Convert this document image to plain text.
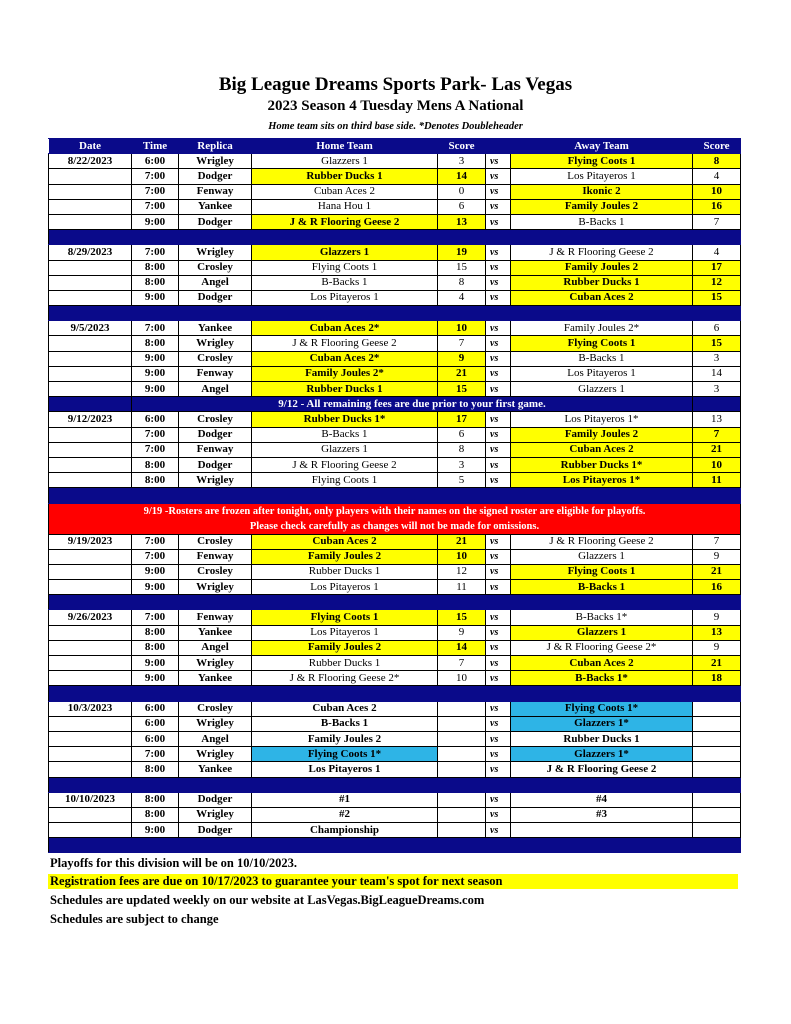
Big League Dreams Sports Park- Las Vegas
2023 Season 4 Tuesday Mens A National
Home team sits on third base side. *Denotes Doubleheader
Date	Time	Replica	Home Team	Score		Away Team	Score
8/22/2023	6:00	Wrigley	Glazzers 1	3	vs	Flying Coots 1	8
	7:00	Dodger	Rubber Ducks 1	14	vs	Los Pitayeros 1	4
	7:00	Fenway	Cuban Aces 2	0	vs	Ikonic 2	10
	7:00	Yankee	Hana Hou 1	6	vs	Family Joules 2	16
	9:00	Dodger	J & R Flooring Geese 2	13	vs	B-Backs 1	7

8/29/2023	7:00	Wrigley	Glazzers 1	19	vs	J & R Flooring Geese 2	4
	8:00	Crosley	Flying Coots 1	15	vs	Family Joules 2	17
	8:00	Angel	B-Backs 1	8	vs	Rubber Ducks 1	12
	9:00	Dodger	Los Pitayeros 1	4	vs	Cuban Aces 2	15

9/5/2023	7:00	Yankee	Cuban Aces 2*	10	vs	Family Joules 2*	6
	8:00	Wrigley	J & R Flooring Geese 2	7	vs	Flying Coots 1	15
	9:00	Crosley	Cuban Aces 2*	9	vs	B-Backs 1	3
	9:00	Fenway	Family Joules 2*	21	vs	Los Pitayeros 1	14
	9:00	Angel	Rubber Ducks 1	15	vs	Glazzers 1	3
	9/12 - All remaining fees are due prior to your first game.						
9/12/2023	6:00	Crosley	Rubber Ducks 1*	17	vs	Los Pitayeros 1*	13
	7:00	Dodger	B-Backs 1	6	vs	Family Joules 2	7
	7:00	Fenway	Glazzers 1	8	vs	Cuban Aces 2	21
	8:00	Dodger	J & R Flooring Geese 2	3	vs	Rubber Ducks 1*	10
	8:00	Wrigley	Flying Coots 1	5	vs	Los Pitayeros 1*	11

9/19 -Rosters are frozen after tonight, only players with their names on the signed roster are eligible for playoffs.
Please check carefully as changes will not be made for omissions.							

9/19/2023	7:00	Crosley	Cuban Aces 2	21	vs	J & R Flooring Geese 2	7
	7:00	Fenway	Family Joules 2	10	vs	Glazzers 1	9
	9:00	Crosley	Rubber Ducks 1	12	vs	Flying Coots 1	21
	9:00	Wrigley	Los Pitayeros 1	11	vs	B-Backs 1	16

9/26/2023	7:00	Fenway	Flying Coots 1	15	vs	B-Backs 1*	9
	8:00	Yankee	Los Pitayeros 1	9	vs	Glazzers 1	13
	8:00	Angel	Family Joules 2	14	vs	J & R Flooring Geese 2*	9
	9:00	Wrigley	Rubber Ducks 1	7	vs	Cuban Aces 2	21
	9:00	Yankee	J & R Flooring Geese 2*	10	vs	B-Backs 1*	18

10/3/2023	6:00	Crosley	Cuban Aces 2		vs	Flying Coots 1*	
	6:00	Wrigley	B-Backs 1		vs	Glazzers 1*	
	6:00	Angel	Family Joules 2		vs	Rubber Ducks 1	
	7:00	Wrigley	Flying Coots 1*		vs	Glazzers 1*	
	8:00	Yankee	Los Pitayeros 1		vs	J & R Flooring Geese 2	

10/10/2023	8:00	Dodger	#1		vs	#4	
	8:00	Wrigley	#2		vs	#3	
	9:00	Dodger	Championship		vs		

Playoffs for this division will be on 10/10/2023.
Registration fees are due on 10/17/2023 to guarantee your team's spot for next season
Schedules are updated weekly on our website at LasVegas.BigLeagueDreams.com
Schedules are subject to change
